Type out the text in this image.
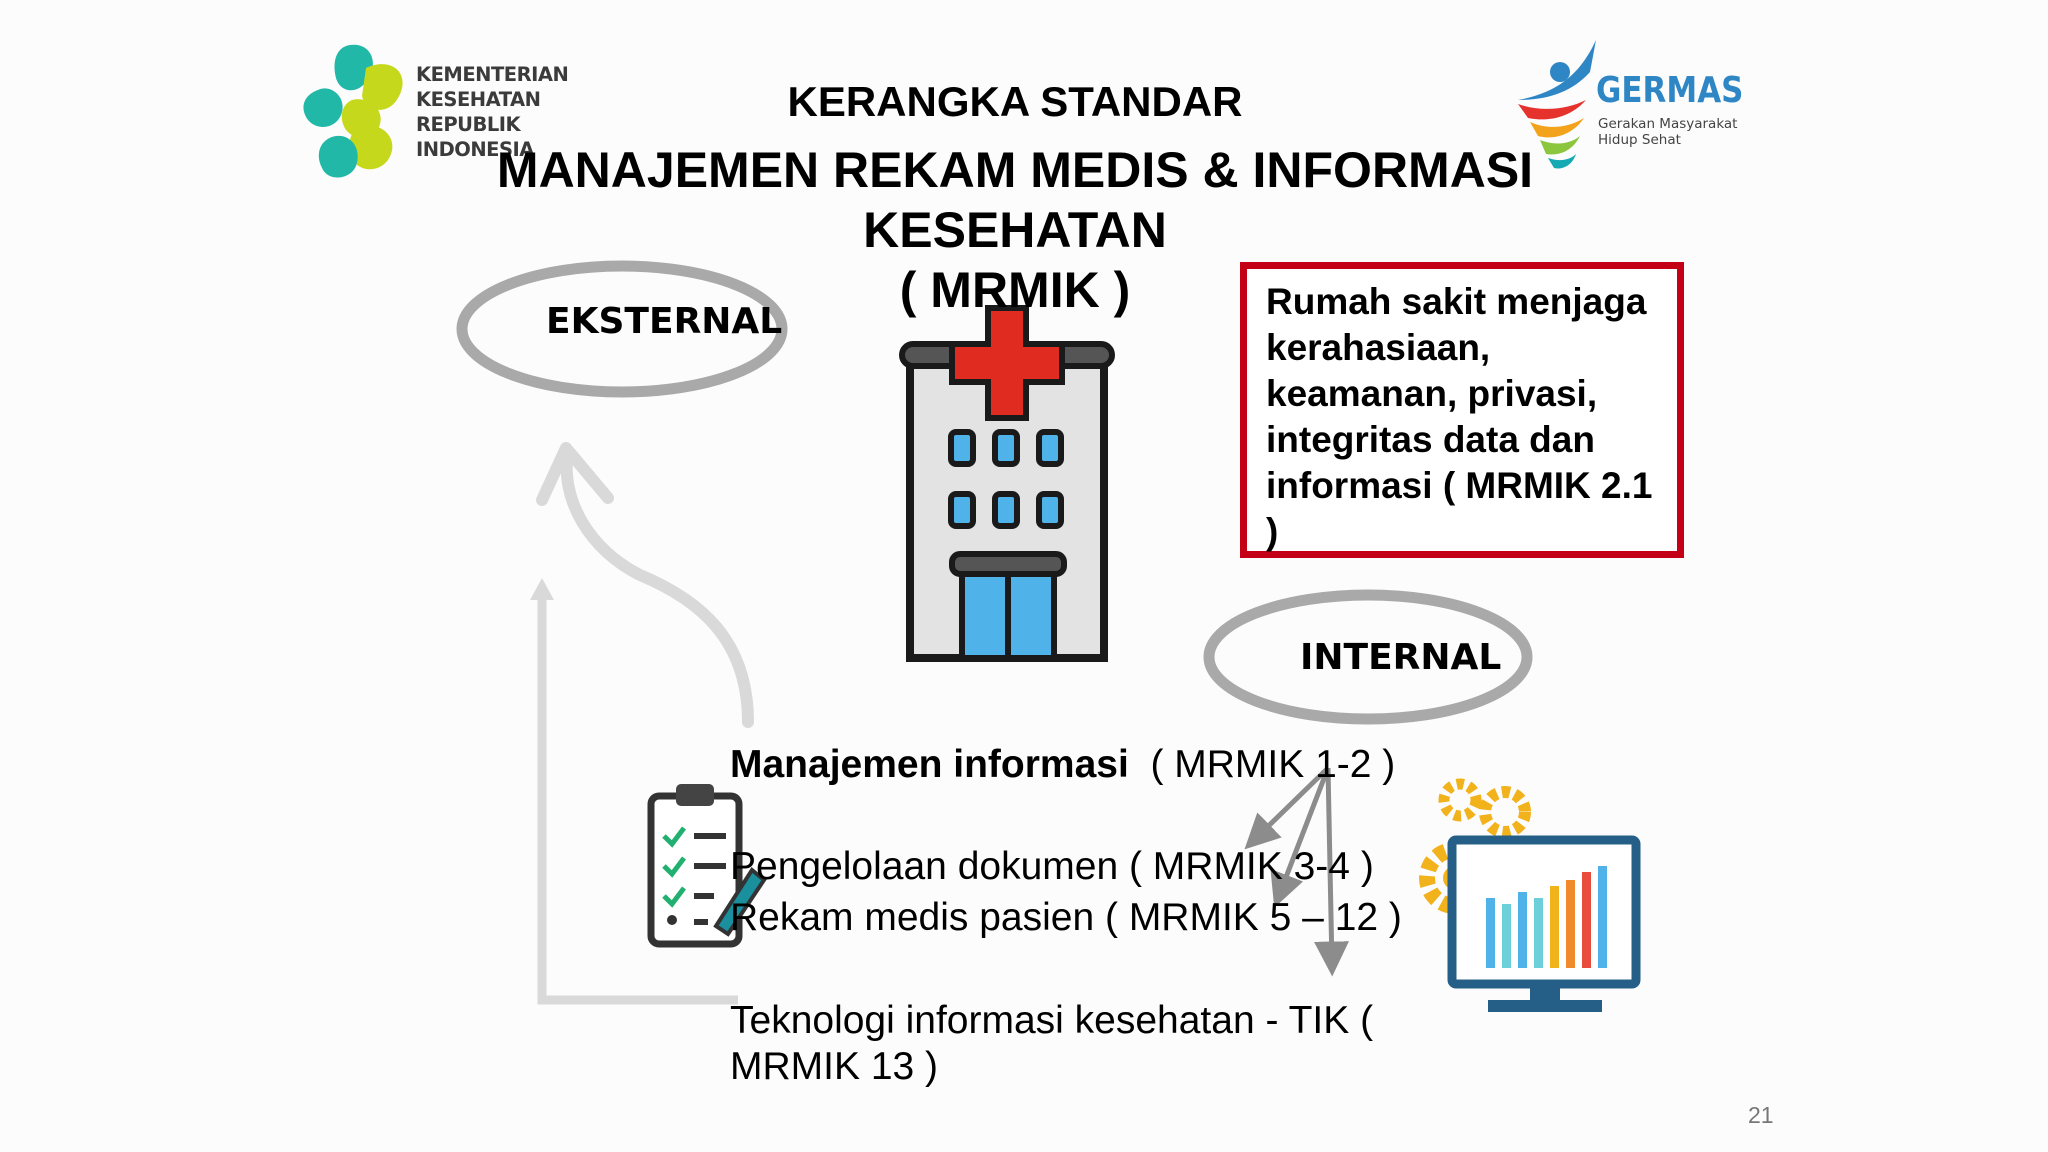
KEMENTERIAN
KESEHATAN
REPUBLIK
INDONESIA
GERMAS
Gerakan Masyarakat
Hidup Sehat
KERANGKA STANDAR
MANAJEMEN REKAM MEDIS & INFORMASI
KESEHATAN
( MRMIK )
EKSTERNAL
INTERNAL
Rumah sakit menjaga
kerahasiaan,
keamanan, privasi,
integritas data dan
informasi ( MRMIK 2.1
)
Manajemen informasi ( MRMIK 1-2 )
Pengelolaan dokumen ( MRMIK 3-4 )
Rekam medis pasien ( MRMIK 5 – 12 )
Teknologi informasi kesehatan - TIK (
MRMIK 13 )
21
